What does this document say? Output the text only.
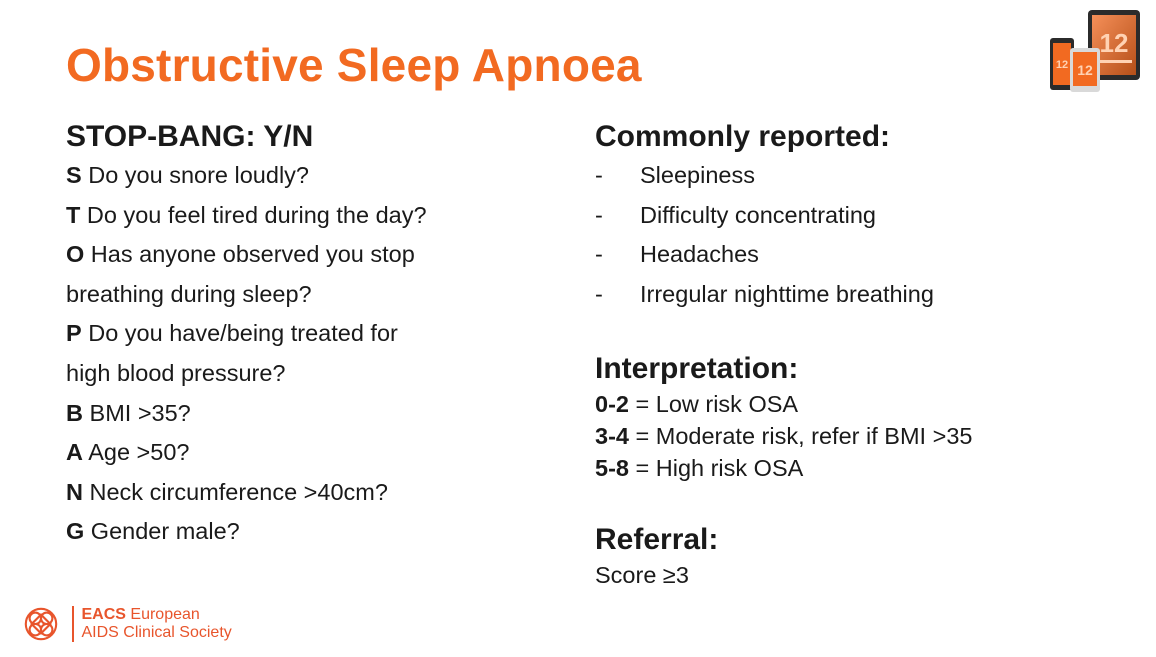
Obstructive Sleep Apnoea	12
12 12
STOP-BANG: Y/N
S Do you snore loudly?
T Do you feel tired during the day?
O Has anyone observed you stop
breathing during sleep?
P Do you have/being treated for
high blood pressure?
B BMI >35?
A Age >50?
N Neck circumference >40cm?
G Gender male?
Commonly reported:
-	Sleepiness
-	Difficulty concentrating
-	Headaches
-	Irregular nighttime breathing
Interpretation:
0-2 = Low risk OSA
3-4 = Moderate risk, refer if BMI >35
5-8 = High risk OSA
Referral:
Score ≥3
EACS European
AIDS Clinical Society
